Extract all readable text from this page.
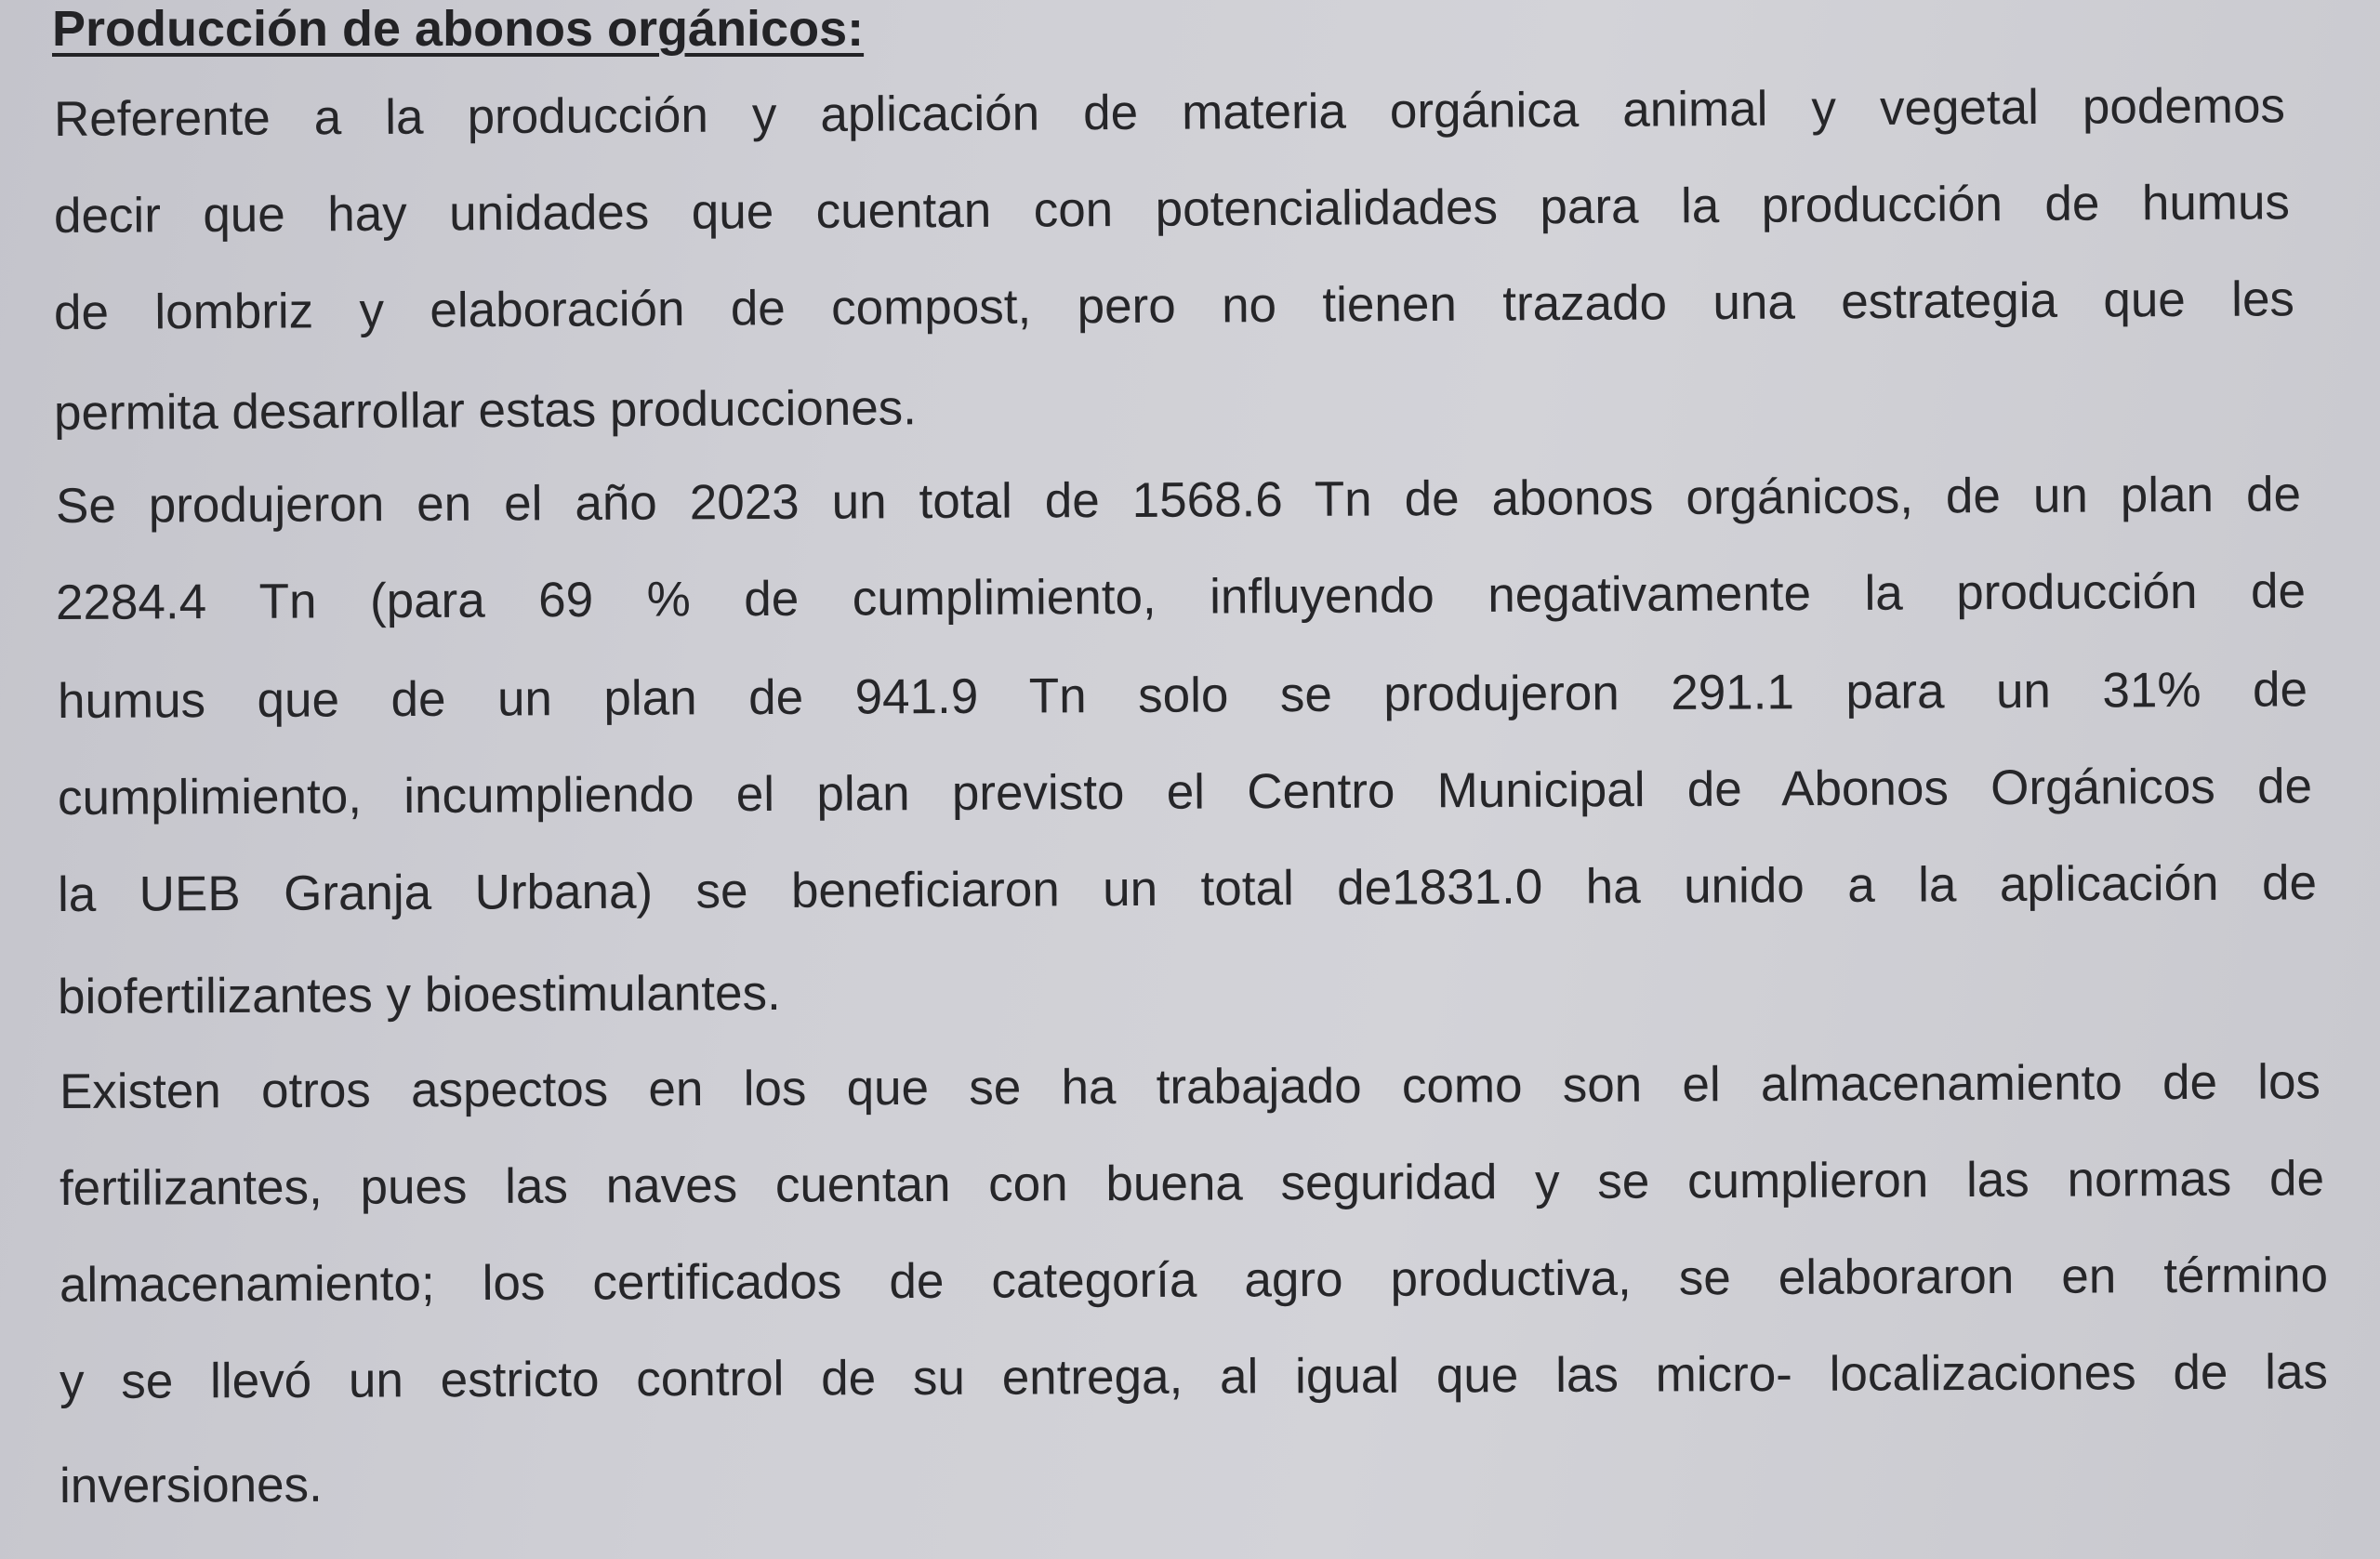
Producción de abonos orgánicos:

Referente a la producción y aplicación de materia orgánica animal y vegetal podemos

decir que hay unidades que cuentan con potencialidades para la producción de humus

de lombriz y elaboración de compost, pero no tienen trazado una estrategia que les

permita desarrollar estas producciones.

Se produjeron en el año 2023 un total de 1568.6 Tn de abonos orgánicos, de un plan de

2284.4 Tn (para 69 % de cumplimiento, influyendo negativamente la producción de

humus que de un plan de 941.9 Tn solo se produjeron 291.1 para un 31% de

cumplimiento, incumpliendo el plan previsto el Centro Municipal de Abonos Orgánicos de

la UEB Granja Urbana) se beneficiaron un total de1831.0 ha unido a la aplicación de

biofertilizantes y bioestimulantes.

Existen otros aspectos en los que se ha trabajado como son el almacenamiento de los

fertilizantes, pues las naves cuentan con buena seguridad y se cumplieron las normas de

almacenamiento; los certificados de categoría agro productiva, se elaboraron en término

y se llevó un estricto control de su entrega, al igual que las micro- localizaciones de las

inversiones.
